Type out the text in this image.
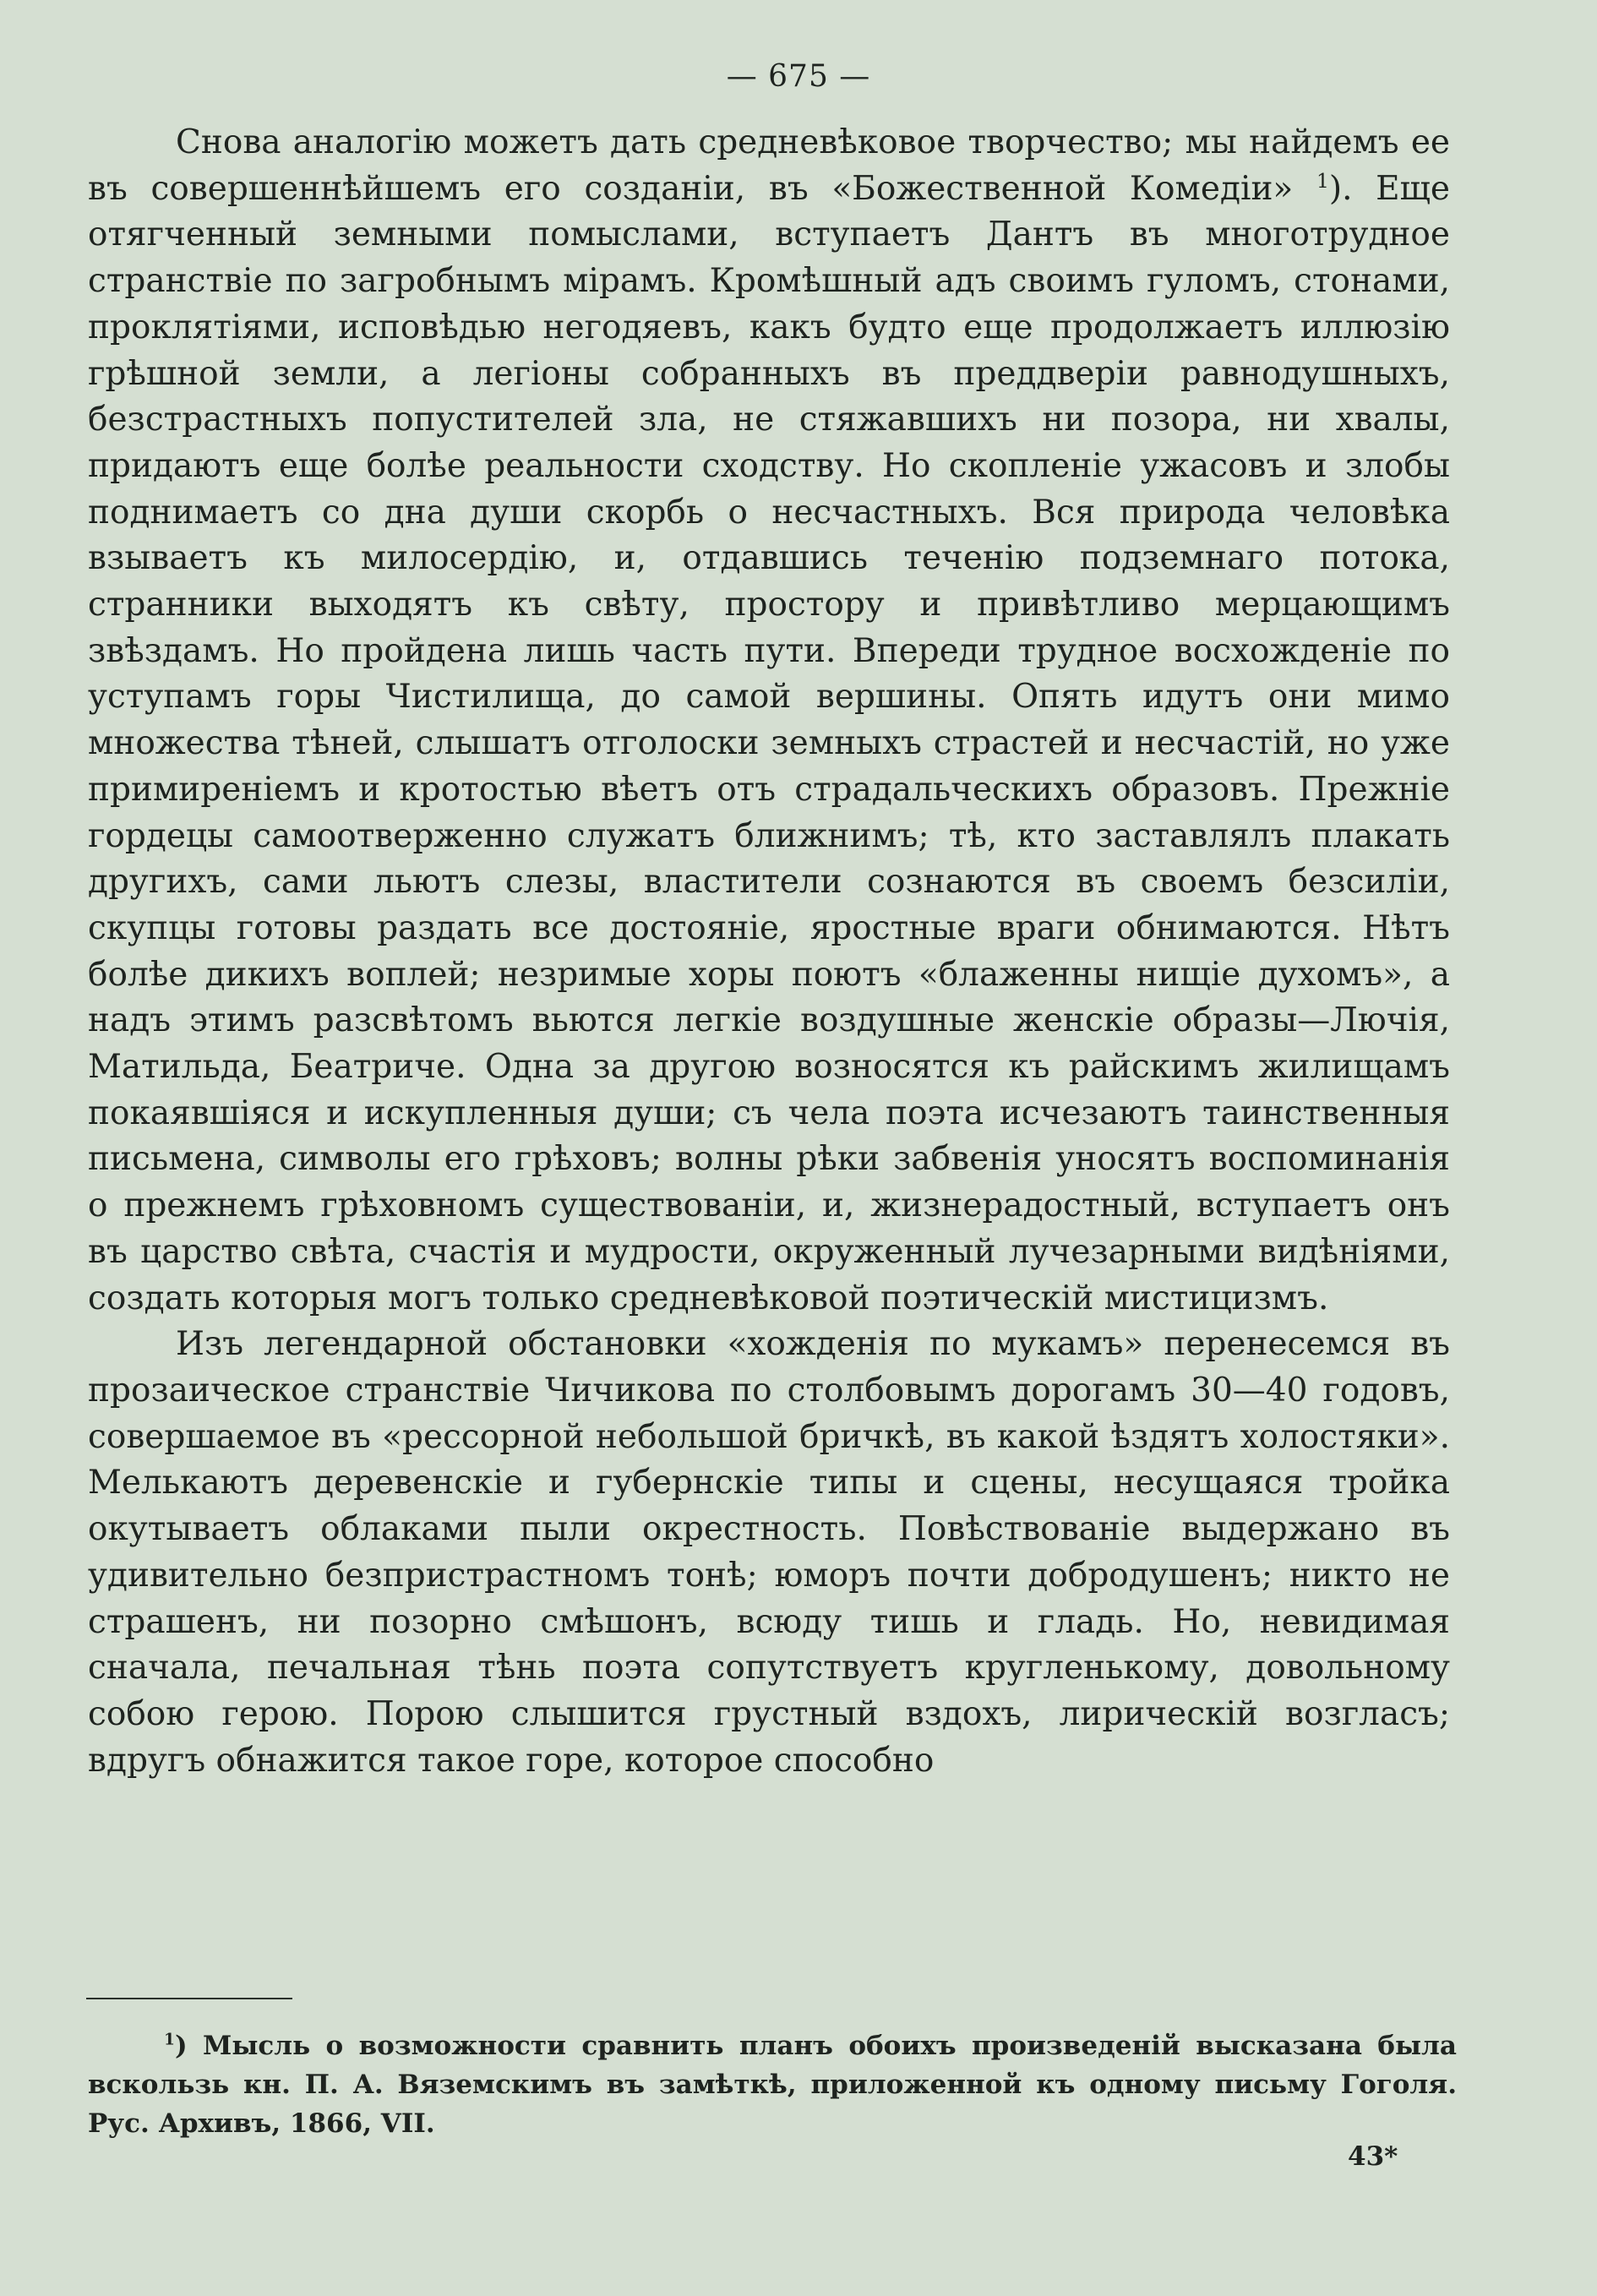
— 675 —

Снова аналогію можетъ дать средневѣковое творчество; мы найдемъ ее въ совершеннѣйшемъ его созданіи, въ «Божественной Комедіи» $^1$). Еще отягченный земными помыслами, вступаетъ Дантъ въ многотрудное странствіе по загробнымъ мірамъ. Кромѣшный адъ своимъ гуломъ, стонами, проклятіями, исповѣдью негодяевъ, какъ будто еще продолжаетъ иллюзію грѣшной земли, а легіоны собранныхъ въ преддверіи равнодушныхъ, безстрастныхъ попустителей зла, не стяжавшихъ ни позора, ни хвалы, придаютъ еще болѣе реальности сходству. Но скопленіе ужасовъ и злобы поднимаетъ со дна души скорбь о несчастныхъ. Вся природа человѣка взываетъ къ милосердію, и, отдавшись теченію подземнаго потока, странники выходятъ къ свѣту, простору и привѣтливо мерцающимъ звѣздамъ. Но пройдена лишь часть пути. Впереди трудное восхожденіе по уступамъ горы Чистилища, до самой вершины. Опять идутъ они мимо множества тѣней, слышатъ отголоски земныхъ страстей и несчастій, но уже примиреніемъ и кротостью вѣетъ отъ страдальческихъ образовъ. Прежніе гордецы самоотверженно служатъ ближнимъ; тѣ, кто заставлялъ плакать другихъ, сами льютъ слезы, властители сознаются въ своемъ безсиліи, скупцы готовы раздать все достояніе, яростные враги обнимаются. Нѣтъ болѣе дикихъ воплей; незримые хоры поютъ «блаженны нищіе духомъ», а надъ этимъ разсвѣтомъ вьются легкіе воздушные женскіе образы—Лючія, Матильда, Беатриче. Одна за другою возносятся къ райскимъ жилищамъ покаявшіяся и искупленныя души; съ чела поэта исчезаютъ таинственныя письмена, символы его грѣховъ; волны рѣки забвенія уносятъ воспоминанія о прежнемъ грѣховномъ существованіи, и, жизнерадостный, вступаетъ онъ въ царство свѣта, счастія и мудрости, окруженный лучезарными видѣніями, создать которыя могъ только средневѣковой поэтическій мистицизмъ.

Изъ легендарной обстановки «хожденія по мукамъ» перенесемся въ прозаическое странствіе Чичикова по столбовымъ дорогамъ 30—40 годовъ, совершаемое въ «рессорной небольшой бричкѣ, въ какой ѣздятъ холостяки». Мелькаютъ деревенскіе и губернскіе типы и сцены, несущаяся тройка окутываетъ облаками пыли окрестность. Повѣствованіе выдержано въ удивительно безпристрастномъ тонѣ; юморъ почти добродушенъ; никто не страшенъ, ни позорно смѣшонъ, всюду тишь и гладь. Но, невидимая сначала, печальная тѣнь поэта сопутствуетъ кругленькому, довольному собою герою. Порою слышится грустный вздохъ, лирическій возгласъ; вдругъ обнажится такое горе, которое способно

$^1$) Мысль о возможности сравнить планъ обоихъ произведеній высказана была вскользь кн. П. А. Вяземскимъ въ замѣткѣ, приложенной къ одному письму Гоголя. Рус. Архивъ, 1866, VII.

43*
